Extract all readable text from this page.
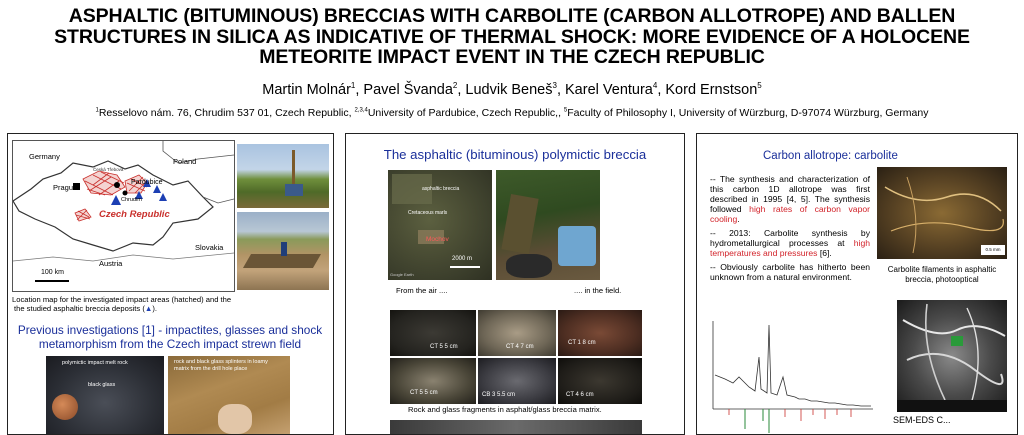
ASPHALTIC (BITUMINOUS) BRECCIAS WITH CARBOLITE (CARBON ALLOTROPE) AND BALLEN
STRUCTURES IN SILICA AS INDICATIVE OF THERMAL SHOCK: MORE EVIDENCE OF A HOLOCENE
METEORITE IMPACT EVENT IN THE CZECH REPUBLIC
Martin Molnár$^1$, Pavel Švanda$^2$, Ludvik Beneš$^3$, Karel Ventura$^4$, Kord Ernstson$^5$
$^1$Resselovo nám. 76, Chrudim 537 01, Czech Republic, $^{2,3,4}$University of Pardubice, Czech Republic,, $^5$Faculty of Philosophy I, University of Würzburg, D-97074 Würzburg, Germany
Germany
Poland
Prague
Pardubice
Chrudim
Česká Třebová
Czech Republic
Austria
Slovakia
100 km
Location map for the investigated impact areas (hatched) and the
the studied asphaltic breccia deposits (▲).
Previous investigations [1] - impactites, glasses and shock
metamorphism from the Czech impact strewn field
polymictic impact melt rock
black glass
rock and black glass splinters in loamy
matrix from the drill hole place
The asphaltic (bituminous) polymictic breccia
asphaltic breccia
Cretaceous marls
Mochov
2000 m
Google Earth
From the air ....	.... in the field.
CT 5 5 cm	CT 4 7 cm
CT 1 8 cm
CT 5 5 cm	CB 3 5.5 cm	CT 4 6 cm
Rock and glass fragments in asphalt/glass breccia matrix.
Carbon allotrope: carbolite

-- The synthesis and characterization of this carbon 1D allotrope was first described in 1995 [4, 5]. The synthesis followed high rates of carbon vapor cooling.

-- 2013: Carbolite synthesis by hydrometallurgical processes at high temperatures and pressures [6].

-- Obviously carbolite has hitherto been unknown from a natural environment.

0.5 mm
Carbolite filaments in asphaltic
breccia, photooptical
SEM-EDS C...
